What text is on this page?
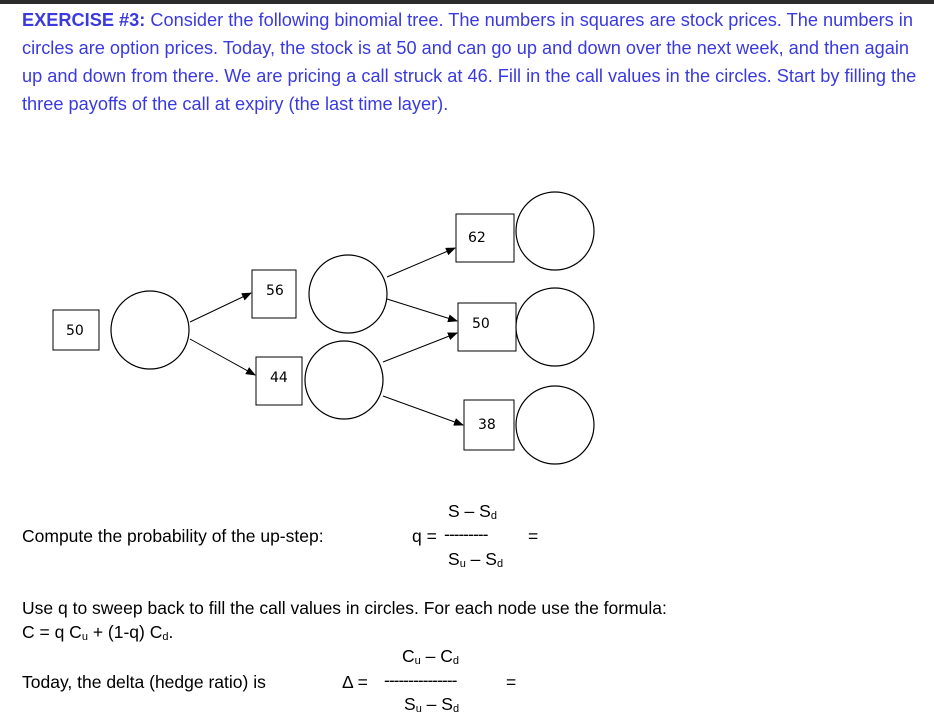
EXERCISE #3: Consider the following binomial tree. The numbers in squares are stock prices. The numbers in circles are option prices. Today, the stock is at 50 and can go up and down over the next week, and then again up and down from there. We are pricing a call struck at 46. Fill in the call values in the circles. Start by filling the three payoffs of the call at expiry (the last time layer).

50
56
44
62
50
38
Compute the probability of the up-step:	q =
S – $S_d$
---------
$S_u - S_d$
=
Use q to sweep back to fill the call values in circles. For each node use the formula:
C = q $C_u + (1-q)$ $C_d$.
$C_u - C_d$
Today, the delta (hedge ratio) is	Δ = ---------------
$S_u - S_d$
=
